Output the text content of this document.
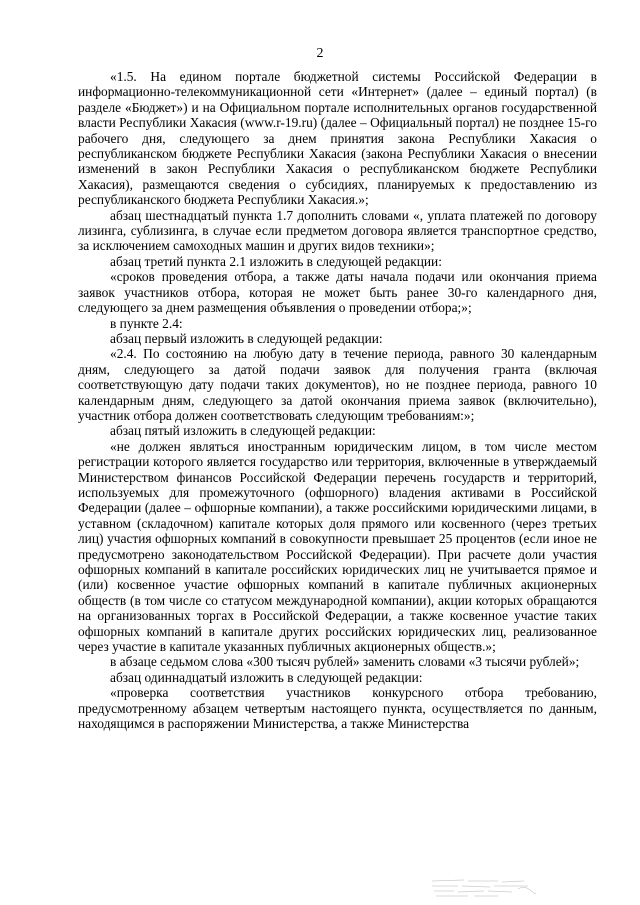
2

«1.5. На едином портале бюджетной системы Российской Федерации в информационно-телекоммуникационной сети «Интернет» (далее – единый портал) (в разделе «Бюджет») и на Официальном портале исполнительных органов государственной власти Республики Хакасия (www.r-19.ru) (далее – Официальный портал) не позднее 15-го рабочего дня, следующего за днем принятия закона Республики Хакасия о республиканском бюджете Республики Хакасия (закона Республики Хакасия о внесении изменений в закон Республики Хакасия о республиканском бюджете Республики Хакасия), размещаются сведения о субсидиях, планируемых к предоставлению из республиканского бюджета Республики Хакасия.»;

абзац шестнадцатый пункта 1.7 дополнить словами «, уплата платежей по договору лизинга, сублизинга, в случае если предметом договора является транспортное средство, за исключением самоходных машин и других видов техники»;

абзац третий пункта 2.1 изложить в следующей редакции:

«сроков проведения отбора, а также даты начала подачи или окончания приема заявок участников отбора, которая не может быть ранее 30-го календарного дня, следующего за днем размещения объявления о проведении отбора;»;

в пункте 2.4:

абзац первый изложить в следующей редакции:

«2.4. По состоянию на любую дату в течение периода, равного 30 календарным дням, следующего за датой подачи заявок для получения гранта (включая соответствующую дату подачи таких документов), но не позднее периода, равного 10 календарным дням, следующего за датой окончания приема заявок (включительно), участник отбора должен соответствовать следующим требованиям:»;

абзац пятый изложить в следующей редакции:

«не должен являться иностранным юридическим лицом, в том числе местом регистрации которого является государство или территория, включенные в утверждаемый Министерством финансов Российской Федерации перечень государств и территорий, используемых для промежуточного (офшорного) владения активами в Российской Федерации (далее – офшорные компании), а также российскими юридическими лицами, в уставном (складочном) капитале которых доля прямого или косвенного (через третьих лиц) участия офшорных компаний в совокупности превышает 25 процентов (если иное не предусмотрено законодательством Российской Федерации). При расчете доли участия офшорных компаний в капитале российских юридических лиц не учитывается прямое и (или) косвенное участие офшорных компаний в капитале публичных акционерных обществ (в том числе со статусом международной компании), акции которых обращаются на организованных торгах в Российской Федерации, а также косвенное участие таких офшорных компаний в капитале других российских юридических лиц, реализованное через участие в капитале указанных публичных акционерных обществ.»;

в абзаце седьмом слова «300 тысяч рублей» заменить словами «3 тысячи рублей»;

абзац одиннадцатый изложить в следующей редакции:

«проверка соответствия участников конкурсного отбора требованию, предусмотренному абзацем четвертым настоящего пункта, осуществляется по данным, находящимся в распоряжении Министерства, а также Министерства
